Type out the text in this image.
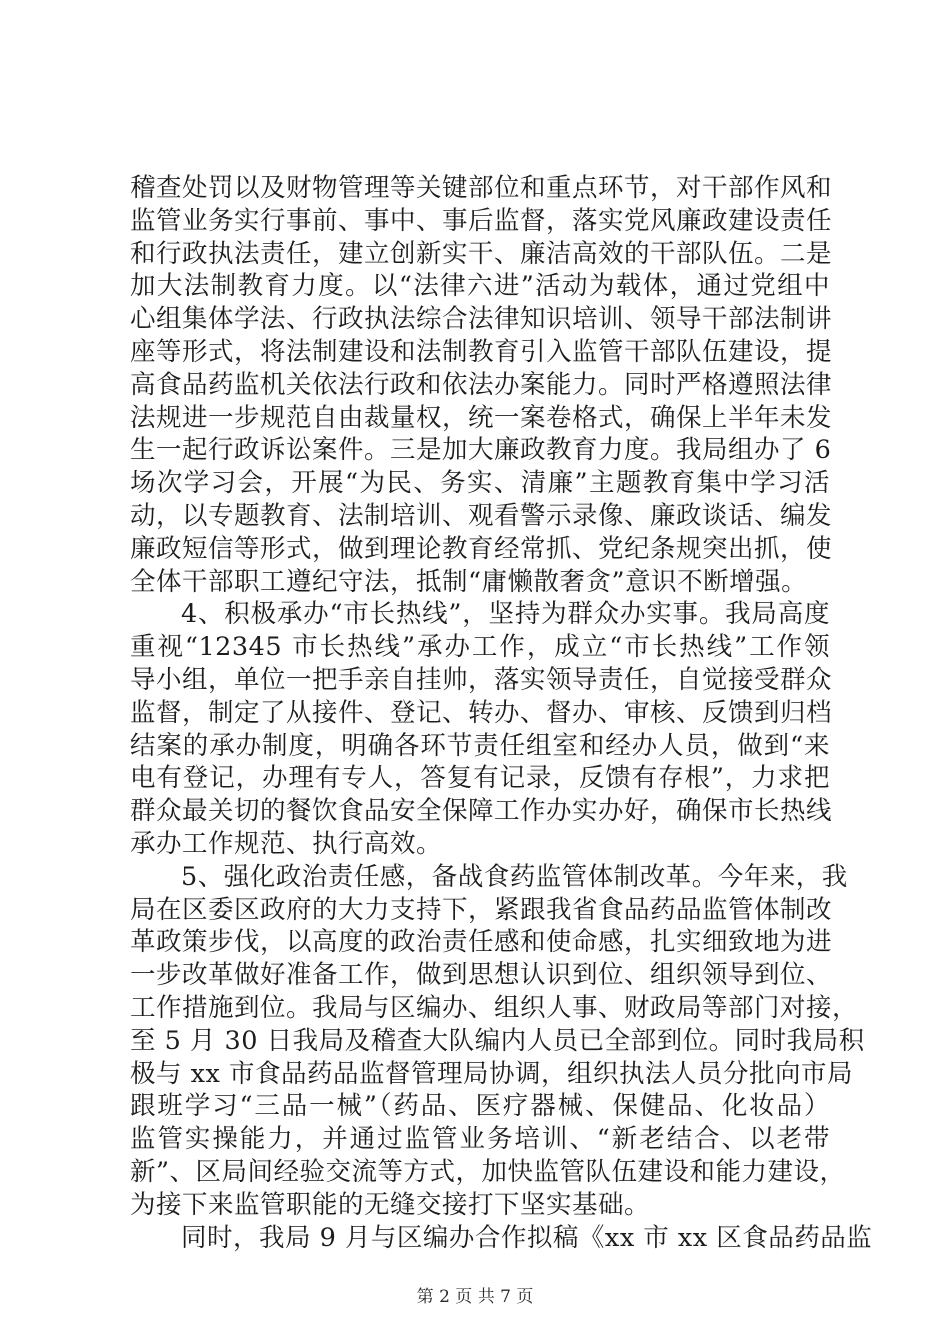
稽查处罚以及财物管理等关键部位和重点环节，对干部作风和
监管业务实行事前、事中、事后监督，落实党风廉政建设责任
和行政执法责任，建立创新实干、廉洁高效的干部队伍。二是
加大法制教育力度。以“法律六进”活动为载体，通过党组中
心组集体学法、行政执法综合法律知识培训、领导干部法制讲
座等形式，将法制建设和法制教育引入监管干部队伍建设，提
高食品药监机关依法行政和依法办案能力。同时严格遵照法律
法规进一步规范自由裁量权，统一案卷格式，确保上半年未发
生一起行政诉讼案件。三是加大廉政教育力度。我局组办了 6
场次学习会，开展“为民、务实、清廉”主题教育集中学习活
动，以专题教育、法制培训、观看警示录像、廉政谈话、编发
廉政短信等形式，做到理论教育经常抓、党纪条规突出抓，使
全体干部职工遵纪守法，抵制“庸懒散奢贪”意识不断增强。
4、积极承办“市长热线”，坚持为群众办实事。我局高度
重视“12345 市长热线”承办工作，成立“市长热线”工作领
导小组，单位一把手亲自挂帅，落实领导责任，自觉接受群众
监督，制定了从接件、登记、转办、督办、审核、反馈到归档
结案的承办制度，明确各环节责任组室和经办人员，做到“来
电有登记，办理有专人，答复有记录，反馈有存根”，力求把
群众最关切的餐饮食品安全保障工作办实办好，确保市长热线
承办工作规范、执行高效。
5、强化政治责任感，备战食药监管体制改革。今年来，我
局在区委区政府的大力支持下，紧跟我省食品药品监管体制改
革政策步伐，以高度的政治责任感和使命感，扎实细致地为进
一步改革做好准备工作，做到思想认识到位、组织领导到位、
工作措施到位。我局与区编办、组织人事、财政局等部门对接，
至 5 月 30 日我局及稽查大队编内人员已全部到位。同时我局积
极与 xx 市食品药品监督管理局协调，组织执法人员分批向市局
跟班学习“三品一械”（药品、医疗器械、保健品、化妆品）
监管实操能力，并通过监管业务培训、“新老结合、以老带
新”、区局间经验交流等方式，加快监管队伍建设和能力建设，
为接下来监管职能的无缝交接打下坚实基础。
同时，我局 9 月与区编办合作拟稿《xx 市 xx 区食品药品监
第 2 页 共 7 页
